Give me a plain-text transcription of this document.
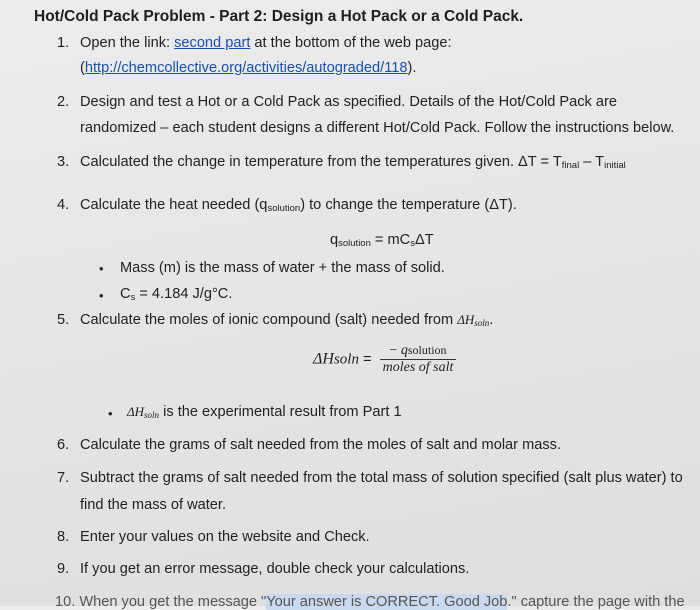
Hot/Cold Pack Problem - Part 2: Design a Hot Pack or a Cold Pack.
1. Open the link: second part at the bottom of the web page:
(http://chemcollective.org/activities/autograded/118).
2. Design and test a Hot or a Cold Pack as specified. Details of the Hot/Cold Pack are
randomized – each student designs a different Hot/Cold Pack. Follow the instructions below.
3. Calculated the change in temperature from the temperatures given. ΔT = Tfinal – Tinitial
4. Calculate the heat needed (qsolution) to change the temperature (ΔT).
qsolution = mCsΔT
• Mass (m) is the mass of water + the mass of solid.
• Cs = 4.184 J/g°C.
5. Calculate the moles of ionic compound (salt) needed from ΔHsoln.
$\Delta Hsoln = \frac{\text{− qsolution}}{\text{moles of salt}}$
• ΔHsoln is the experimental result from Part 1
6. Calculate the grams of salt needed from the moles of salt and molar mass.
7. Subtract the grams of salt needed from the total mass of solution specified (salt plus water) to
find the mass of water.
8. Enter your values on the website and Check.
9. If you get an error message, double check your calculations.
10. When you get the message "Your answer is CORRECT. Good Job." capture the page with the
